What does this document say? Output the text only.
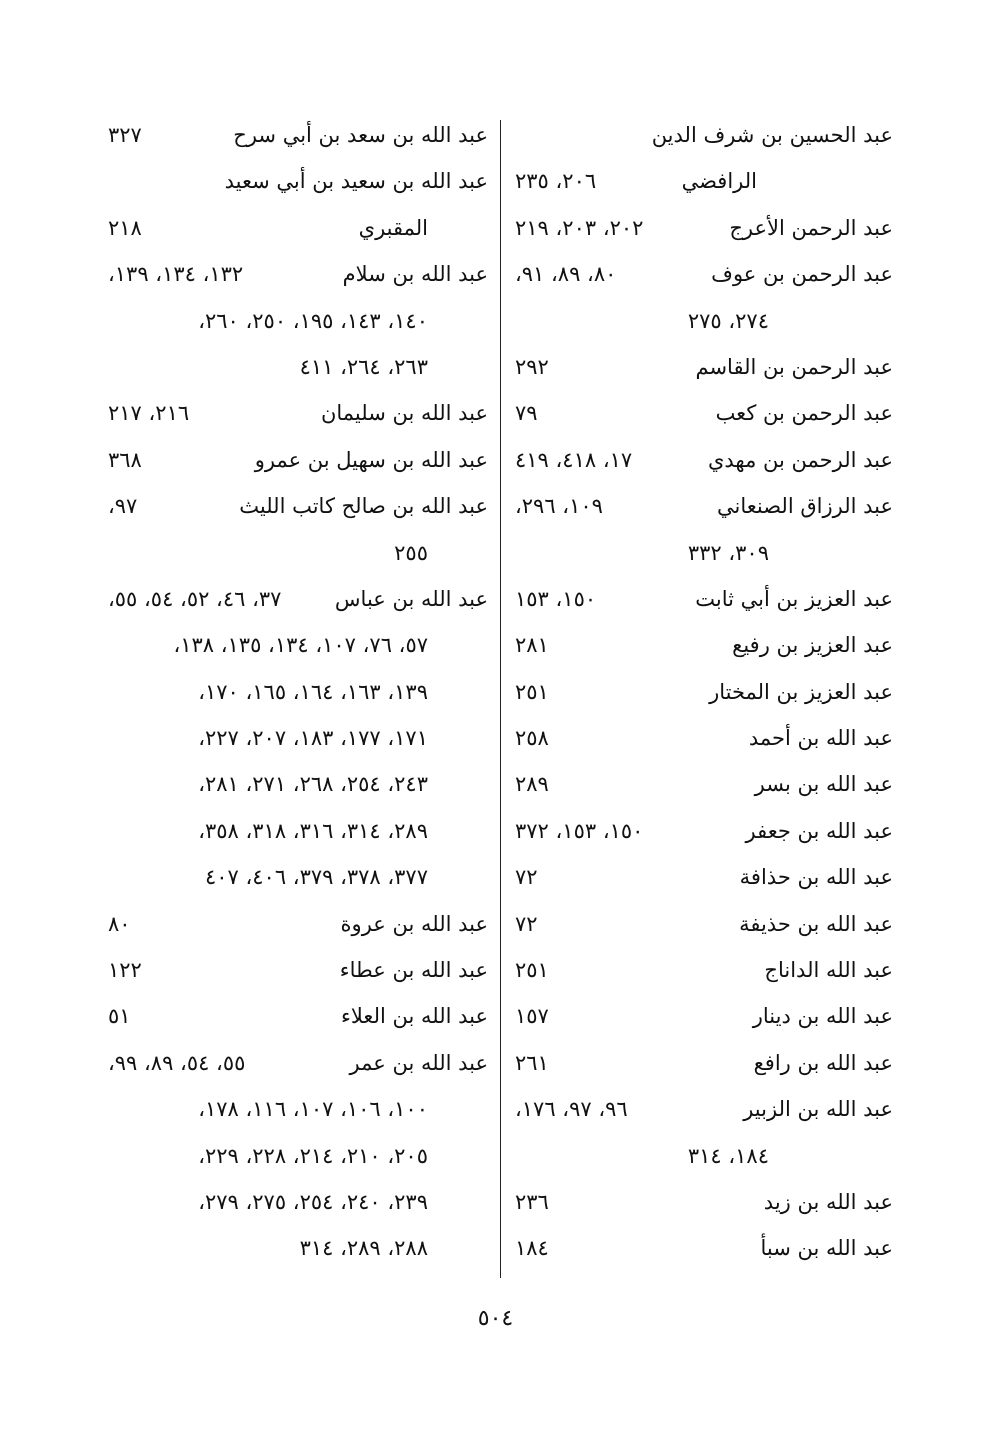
عبد الحسين بن شرف الدين
الرافضي
٢٠٦، ٢٣٥
عبد الرحمن الأعرج
٢٠٢، ٢٠٣، ٢١٩
عبد الرحمن بن عوف
٨٠، ٨٩، ٩١،
٢٧٤، ٢٧٥
عبد الرحمن بن القاسم
٢٩٢
عبد الرحمن بن كعب
٧٩
عبد الرحمن بن مهدي
١٧، ٤١٨، ٤١٩
عبد الرزاق الصنعاني
١٠٩، ٢٩٦،
٣٠٩، ٣٣٢
عبد العزيز بن أبي ثابت
١٥٠، ١٥٣
عبد العزيز بن رفيع
٢٨١
عبد العزيز بن المختار
٢٥١
عبد الله بن أحمد
٢٥٨
عبد الله بن بسر
٢٨٩
عبد الله بن جعفر
١٥٠، ١٥٣، ٣٧٢
عبد الله بن حذافة
٧٢
عبد الله بن حذيفة
٧٢
عبد الله الداناج
٢٥١
عبد الله بن دينار
١٥٧
عبد الله بن رافع
٢٦١
عبد الله بن الزبير
٩٦، ٩٧، ١٧٦،
١٨٤، ٣١٤
عبد الله بن زيد
٢٣٦
عبد الله بن سبأ
١٨٤
عبد الله بن سعد بن أبي سرح
٣٢٧
عبد الله بن سعيد بن أبي سعيد
المقبري
٢١٨
عبد الله بن سلام
١٣٢، ١٣٤، ١٣٩،
١٤٠، ١٤٣، ١٩٥، ٢٥٠، ٢٦٠،
٢٦٣، ٢٦٤، ٤١١
عبد الله بن سليمان
٢١٦، ٢١٧
عبد الله بن سهيل بن عمرو
٣٦٨
عبد الله بن صالح كاتب الليث
٩٧،
٢٥٥
عبد الله بن عباس
٣٧، ٤٦، ٥٢، ٥٤، ٥٥،
٥٧، ٧٦، ١٠٧، ١٣٤، ١٣٥، ١٣٨،
١٣٩، ١٦٣، ١٦٤، ١٦٥، ١٧٠،
١٧١، ١٧٧، ١٨٣، ٢٠٧، ٢٢٧،
٢٤٣، ٢٥٤، ٢٦٨، ٢٧١، ٢٨١،
٢٨٩، ٣١٤، ٣١٦، ٣١٨، ٣٥٨،
٣٧٧، ٣٧٨، ٣٧٩، ٤٠٦، ٤٠٧
عبد الله بن عروة
٨٠
عبد الله بن عطاء
١٢٢
عبد الله بن العلاء
٥١
عبد الله بن عمر
٥٥، ٥٤، ٨٩، ٩٩،
١٠٠، ١٠٦، ١٠٧، ١١٦، ١٧٨،
٢٠٥، ٢١٠، ٢١٤، ٢٢٨، ٢٢٩،
٢٣٩، ٢٤٠، ٢٥٤، ٢٧٥، ٢٧٩،
٢٨٨، ٢٨٩، ٣١٤
٥٠٤
